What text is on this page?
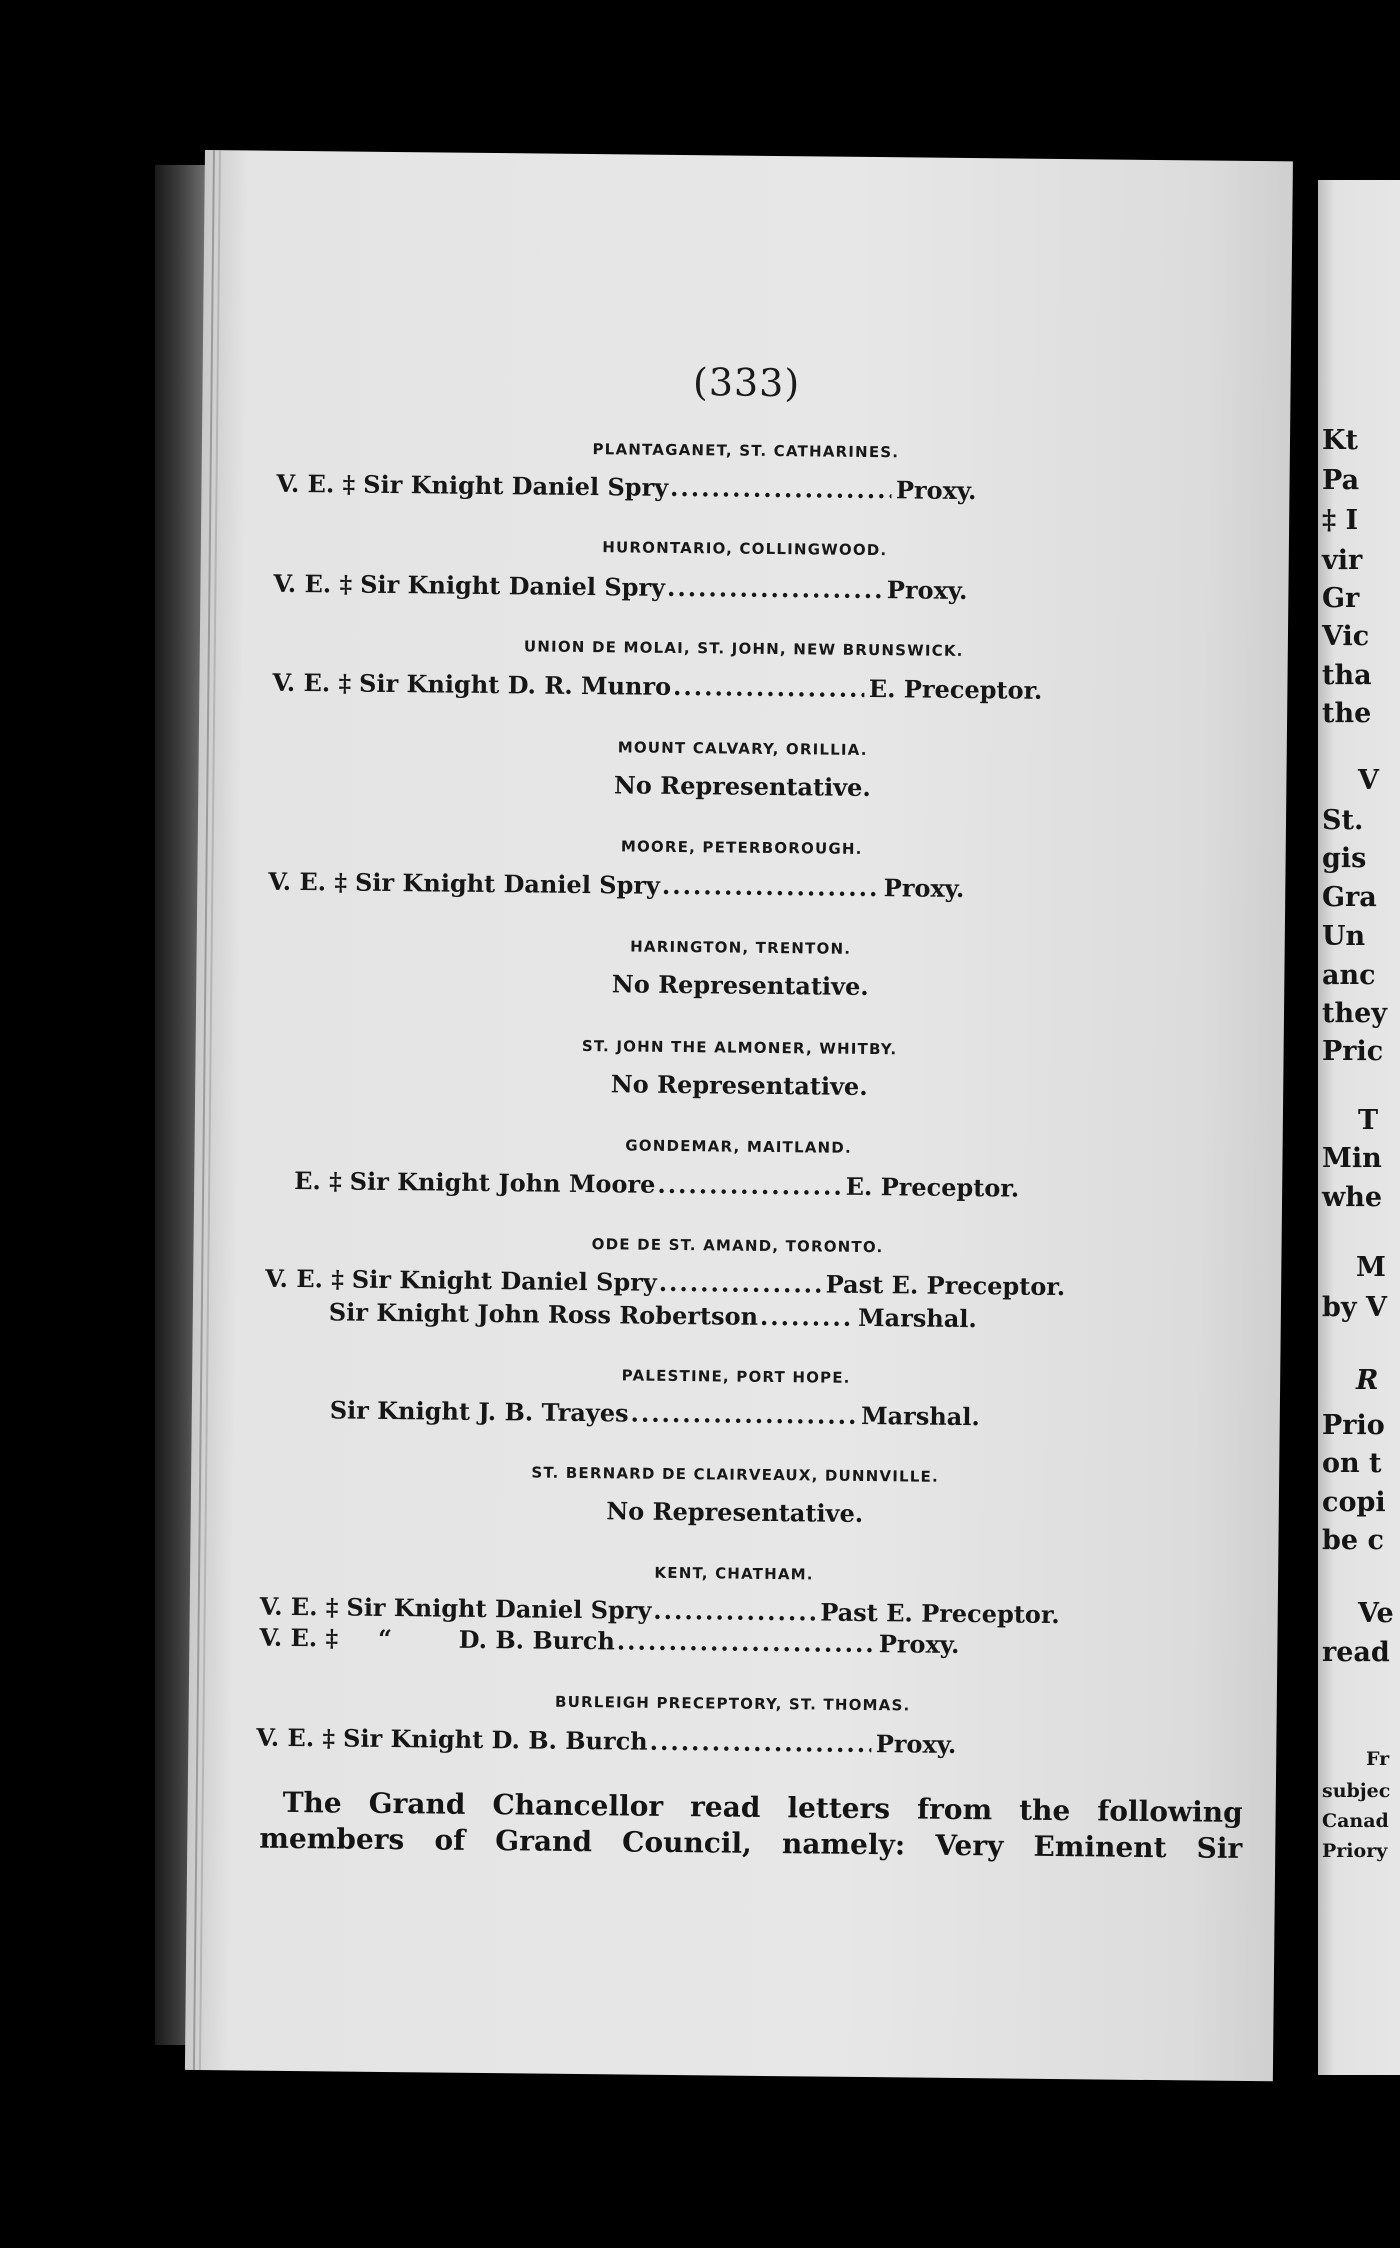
(333)
PLANTAGANET, ST. CATHARINES.
V. E. ‡ Sir Knight Daniel Spry .....	Proxy.
HURONTARIO, COLLINGWOOD.
V. E. ‡ Sir Knight Daniel Spry .....	Proxy.
UNION DE MOLAI, ST. JOHN, NEW BRUNSWICK.
V. E. ‡ Sir Knight D. R. Munro .....	E. Preceptor.
MOUNT CALVARY, ORILLIA.
No Representative.
MOORE, PETERBOROUGH.
V. E. ‡ Sir Knight Daniel Spry .....	Proxy.
HARINGTON, TRENTON.
No Representative.
ST. JOHN THE ALMONER, WHITBY.
No Representative.
GONDEMAR, MAITLAND.
E. ‡ Sir Knight John Moore .....	E. Preceptor.
ODE DE ST. AMAND, TORONTO.
V. E. ‡ Sir Knight Daniel Spry .....	Past E. Preceptor.
Sir Knight John Ross Robertson .....	Marshal.
PALESTINE, PORT HOPE.
Sir Knight J. B. Trayes .....	Marshal.
ST. BERNARD DE CLAIRVEAUX, DUNNVILLE.
No Representative.
KENT, CHATHAM.
V. E. ‡ Sir Knight Daniel Spry .....	Past E. Preceptor.
V. E. ‡ “        D. B. Burch .....	Proxy.
BURLEIGH PRECEPTORY, ST. THOMAS.
V. E. ‡ Sir Knight D. B. Burch .....	Proxy.
The Grand Chancellor read letters from the following
members of Grand Council, namely: Very Eminent Sir
Kt
Pa
‡ I
vir
Gr
Vic
tha
the
V
St.
gis
Gra
Un
anc
they
Pric
T
Min
whe
M
by V
R
Prio
on t
copi
be c
Ve
read
Fr
subjec
Canad
Priory
